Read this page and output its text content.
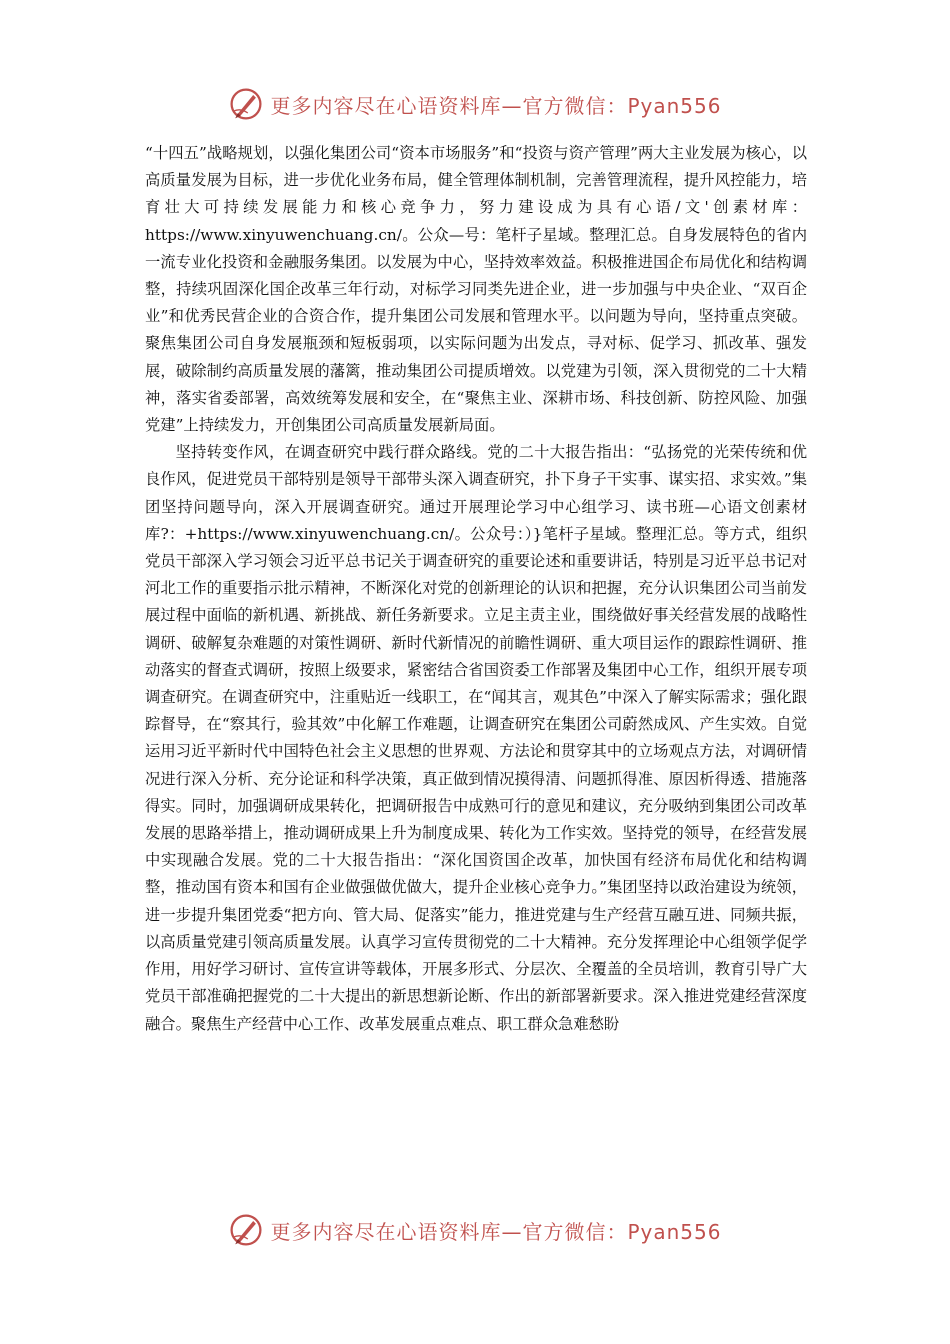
更多内容尽在心语资料库—官方微信：Pyan556

“十四五”战略规划，以强化集团公司“资本市场服务”和“投资与资产管理”两大主业发展为核心，以高质量发展为目标，进一步优化业务布局，健全管理体制机制，完善管理流程，提升风控能力，培育壮大可持续发展能力和核心竞争力，努力建设成为具有心语/文'创素材库：https://www.xinyuwenchuang.cn/。公众—号：笔杆子星域。整理汇总。自身发展特色的省内一流专业化投资和金融服务集团。以发展为中心，坚持效率效益。积极推进国企布局优化和结构调整，持续巩固深化国企改革三年行动，对标学习同类先进企业，进一步加强与中央企业、“双百企业”和优秀民营企业的合资合作，提升集团公司发展和管理水平。以问题为导向，坚持重点突破。聚焦集团公司自身发展瓶颈和短板弱项，以实际问题为出发点，寻对标、促学习、抓改革、强发展，破除制约高质量发展的藩篱，推动集团公司提质增效。以党建为引领，深入贯彻党的二十大精神，落实省委部署，高效统筹发展和安全，在“聚焦主业、深耕市场、科技创新、防控风险、加强党建”上持续发力，开创集团公司高质量发展新局面。

坚持转变作风，在调查研究中践行群众路线。党的二十大报告指出：“弘扬党的光荣传统和优良作风，促进党员干部特别是领导干部带头深入调查研究，扑下身子干实事、谋实招、求实效。”集团坚持问题导向，深入开展调查研究。通过开展理论学习中心组学习、读书班—心语文创素材库?：+https://www.xinyuwenchuang.cn/。公众号：）}笔杆子星域。整理汇总。等方式，组织党员干部深入学习领会习近平总书记关于调查研究的重要论述和重要讲话，特别是习近平总书记对河北工作的重要指示批示精神，不断深化对党的创新理论的认识和把握，充分认识集团公司当前发展过程中面临的新机遇、新挑战、新任务新要求。立足主责主业，围绕做好事关经营发展的战略性调研、破解复杂难题的对策性调研、新时代新情况的前瞻性调研、重大项目运作的跟踪性调研、推动落实的督查式调研，按照上级要求，紧密结合省国资委工作部署及集团中心工作，组织开展专项调查研究。在调查研究中，注重贴近一线职工，在“闻其言，观其色”中深入了解实际需求；强化跟踪督导，在“察其行，验其效”中化解工作难题，让调查研究在集团公司蔚然成风、产生实效。自觉运用习近平新时代中国特色社会主义思想的世界观、方法论和贯穿其中的立场观点方法，对调研情况进行深入分析、充分论证和科学决策，真正做到情况摸得清、问题抓得准、原因析得透、措施落得实。同时，加强调研成果转化，把调研报告中成熟可行的意见和建议，充分吸纳到集团公司改革发展的思路举措上，推动调研成果上升为制度成果、转化为工作实效。坚持党的领导，在经营发展中实现融合发展。党的二十大报告指出：“深化国资国企改革，加快国有经济布局优化和结构调整，推动国有资本和国有企业做强做优做大，提升企业核心竞争力。”集团坚持以政治建设为统领，进一步提升集团党委“把方向、管大局、促落实”能力，推进党建与生产经营互融互进、同频共振，以高质量党建引领高质量发展。认真学习宣传贯彻党的二十大精神。充分发挥理论中心组领学促学作用，用好学习研讨、宣传宣讲等载体，开展多形式、分层次、全覆盖的全员培训，教育引导广大党员干部准确把握党的二十大提出的新思想新论断、作出的新部署新要求。深入推进党建经营深度融合。聚焦生产经营中心工作、改革发展重点难点、职工群众急难愁盼

更多内容尽在心语资料库—官方微信：Pyan556
